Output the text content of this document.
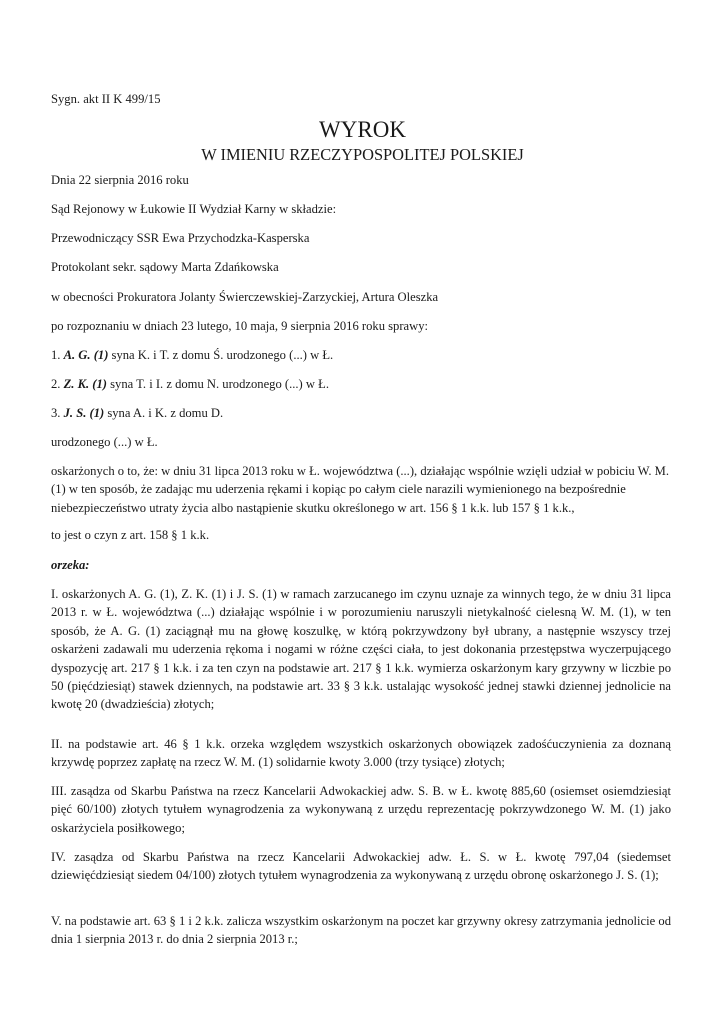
Sygn. akt II K 499/15

WYROK
W IMIENIU RZECZYPOSPOLITEJ POLSKIEJ

Dnia 22 sierpnia 2016 roku

Sąd Rejonowy w Łukowie II Wydział Karny w składzie:

Przewodniczący SSR Ewa Przychodzka-Kasperska

Protokolant sekr. sądowy Marta Zdańkowska

w obecności Prokuratora Jolanty Świerczewskiej-Zarzyckiej, Artura Oleszka

po rozpoznaniu w dniach 23 lutego, 10 maja, 9 sierpnia 2016 roku sprawy:

1. A. G. (1) syna K. i T. z domu Ś. urodzonego (...) w Ł.

2. Z. K. (1) syna T. i I. z domu N. urodzonego (...) w Ł.

3. J. S. (1) syna A. i K. z domu D.

urodzonego (...) w Ł.

oskarżonych o to, że: w dniu 31 lipca 2013 roku w Ł. województwa (...), działając wspólnie wzięli udział w pobiciu W. M. (1) w ten sposób, że zadając mu uderzenia rękami i kopiąc po całym ciele narazili wymienionego na bezpośrednie niebezpieczeństwo utraty życia albo nastąpienie skutku określonego w art. 156 § 1 k.k. lub 157 § 1 k.k.,

to jest o czyn z art. 158 § 1 k.k.

orzeka:

I. oskarżonych A. G. (1), Z. K. (1) i J. S. (1) w ramach zarzucanego im czynu uznaje za winnych tego, że w dniu 31 lipca 2013 r. w Ł. województwa (...) działając wspólnie i w porozumieniu naruszyli nietykalność cielesną W. M. (1), w ten sposób, że A. G. (1) zaciągnął mu na głowę koszulkę, w którą pokrzywdzony był ubrany, a następnie wszyscy trzej oskarżeni zadawali mu uderzenia rękoma i nogami w różne części ciała, to jest dokonania przestępstwa wyczerpującego dyspozycję art. 217 § 1 k.k. i za ten czyn na podstawie art. 217 § 1 k.k. wymierza oskarżonym kary grzywny w liczbie po 50 (pięćdziesiąt) stawek dziennych, na podstawie art. 33 § 3 k.k. ustalając wysokość jednej stawki dziennej jednolicie na kwotę 20 (dwadzieścia) złotych;

II. na podstawie art. 46 § 1 k.k. orzeka względem wszystkich oskarżonych obowiązek zadośćuczynienia za doznaną krzywdę poprzez zapłatę na rzecz W. M. (1) solidarnie kwoty 3.000 (trzy tysiące) złotych;

III. zasądza od Skarbu Państwa na rzecz Kancelarii Adwokackiej adw. S. B. w Ł. kwotę 885,60 (osiemset osiemdziesiąt pięć 60/100) złotych tytułem wynagrodzenia za wykonywaną z urzędu reprezentację pokrzywdzonego W. M. (1) jako oskarżyciela posiłkowego;

IV. zasądza od Skarbu Państwa na rzecz Kancelarii Adwokackiej adw. Ł. S. w Ł. kwotę 797,04 (siedemset dziewięćdziesiąt siedem 04/100) złotych tytułem wynagrodzenia za wykonywaną z urzędu obronę oskarżonego J. S. (1);

V. na podstawie art. 63 § 1 i 2 k.k. zalicza wszystkim oskarżonym na poczet kar grzywny okresy zatrzymania jednolicie od dnia 1 sierpnia 2013 r. do dnia 2 sierpnia 2013 r.;
